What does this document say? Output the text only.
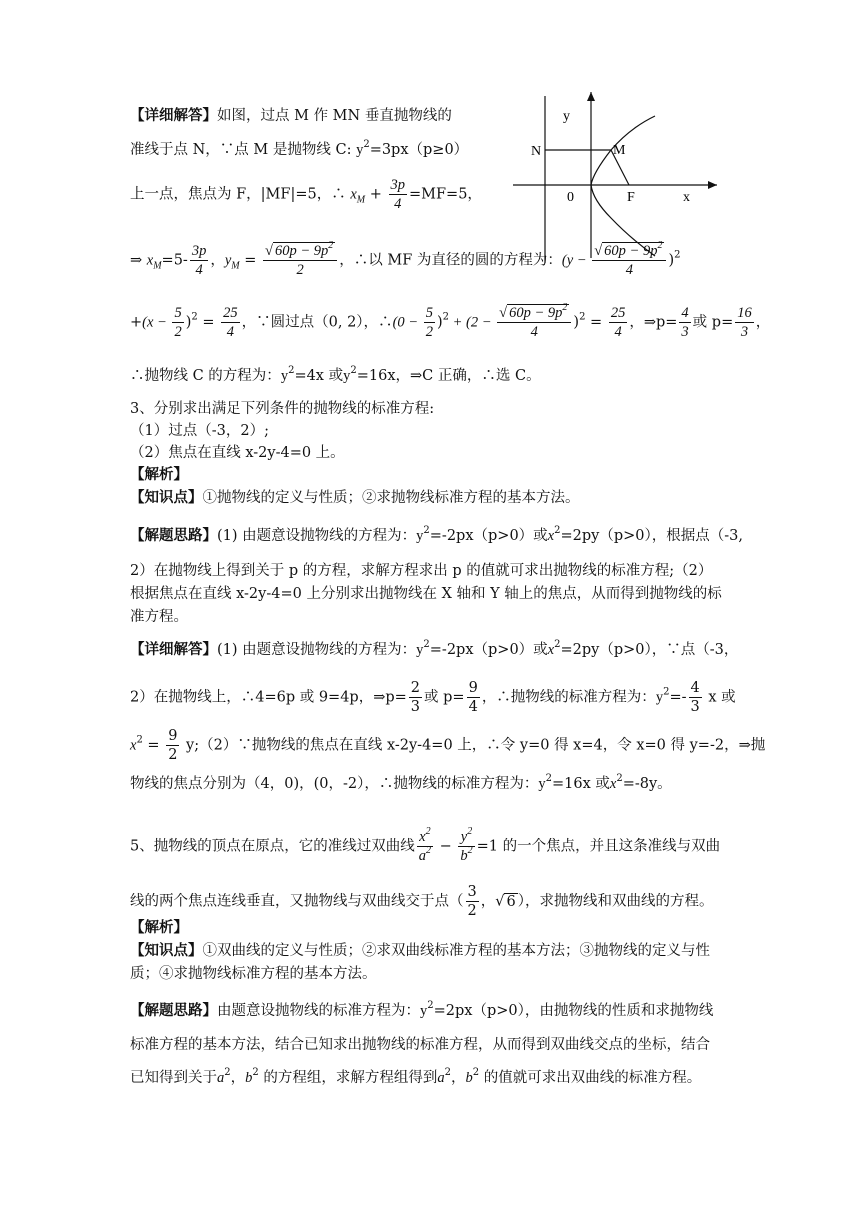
y
N	M
0	F	x
【详细解答】如图，过点 M 作 MN 垂直抛物线的
准线于点 N，∵点 M 是抛物线 C: $y^2=3px(p\ge 0)$
上一点，焦点为 F，|MF|=5，∴ $x_M + \frac{3p}{4} =MF=5$，
⇒ $x_M=5- \frac{3p}{4}$ ，$y_M = \frac{√ 60p - 9p^2}{2}$ ，∴以 MF 为直径的圆的方程为：$(y - \frac{√ 60p - 9p^2}{4} )^2$
$+(x - \frac{5}{2} )^2 = \frac{25}{4}$ ，∵圆过点（0, 2），∴(0 − $\frac{5}{2} )^2 + (2 - \frac{√ 60p - 9p^2}{4} )^2 = \frac{25}{4}$ ，⇒p= $\frac{4}{3}$ 或 $p= \frac{16}{3}$ ，
∴抛物线 C 的方程为：$y^2=4x$ 或$y^2=16x$，⇒C 正确，∴选 C。
3、分别求出满足下列条件的抛物线的标准方程:
（1）过点（-3，2）;
（2）焦点在直线 x-2y-4=0 上。
【解析】
【知识点】①抛物线的定义与性质；②求抛物线标准方程的基本方法。
【解题思路】(1) 由题意设抛物线的方程为：$y^2=-2px(p>0)$或$x^2=2py(p>0)$，根据点（-3,
2）在抛物线上得到关于 p 的方程，求解方程求出 p 的值就可求出抛物线的标准方程;（2）
根据焦点在直线 x-2y-4=0 上分别求出抛物线在 X 轴和 Y 轴上的焦点，从而得到抛物线的标
准方程。
【详细解答】(1) 由题意设抛物线的方程为：$y^2=-2px(p>0)$或$x^2=2py(p>0)$，∵点（-3，
2）在抛物线上，∴4=6p 或 9=4p，⇒p= $\frac{2}{3}$ 或 $p= \frac{9}{4}$ ，∴抛物线的标准方程为：$y^2=- \frac{4}{3}$ x 或
$x^2 = \frac{9}{2}$ y;（2）∵抛物线的焦点在直线 x-2y-4=0 上，∴令 y=0 得 x=4，令 x=0 得 y=-2，⇒抛
物线的焦点分别为（4，0)，(0，-2），∴抛物线的标准方程为：$y^2=16x$ 或$x^2=-8y$。
5、抛物线的顶点在原点，它的准线过双曲线 $\frac{x^2}{a^2} - \frac{y^2}{b^2} =1$ 的一个焦点，并且这条准线与双曲
线的两个焦点连线垂直，又抛物线与双曲线交于点（ $\frac{3}{2}$ ，√ 6 ），求抛物线和双曲线的方程。
【解析】
【知识点】①双曲线的定义与性质；②求双曲线标准方程的基本方法；③抛物线的定义与性
质；④求抛物线标准方程的基本方法。
【解题思路】由题意设抛物线的标准方程为：$y^2=2px(p>0)$，由抛物线的性质和求抛物线
标准方程的基本方法，结合已知求出抛物线的标准方程，从而得到双曲线交点的坐标，结合
已知得到关于$a^2$，$b^2$ 的方程组，求解方程组得到$a^2$，$b^2$ 的值就可求出双曲线的标准方程。
